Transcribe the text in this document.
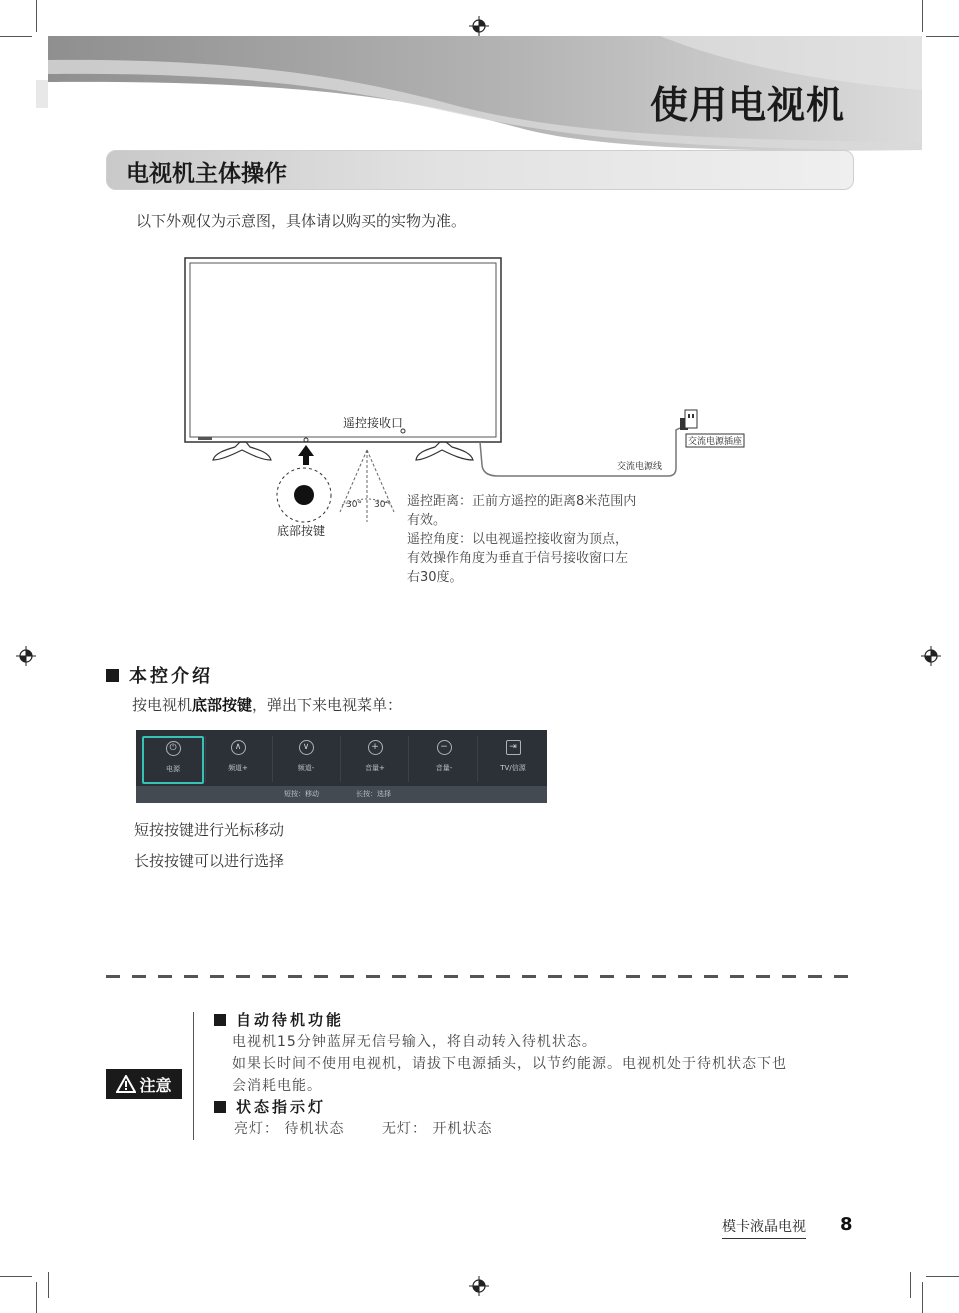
使用电视机
电视机主体操作
以下外观仅为示意图，具体请以购买的实物为准。
30° 30°
交流电源线
交流电源插座
遥控接收口
底部按键

遥控距离：正前方遥控的距离8米范围内有效。

遥控角度：以电视遥控接收窗为顶点，有效操作角度为垂直于信号接收窗口左右30度。

本控介绍
按电视机底部按键，弹出下来电视菜单：
⏻
电源
∧
频道+
∨
频道-
+
音量+
−
音量-
⇥
TV/信源
短按：移动	长按：选择
短按按键进行光标移动
长按按键可以进行选择
注意
自动待机功能
电视机15分钟蓝屏无信号输入，将自动转入待机状态。
如果长时间不使用电视机，请拔下电源插头，以节约能源。电视机处于待机状态下也
会消耗电能。
状态指示灯
亮灯： 待机状态	无灯： 开机状态
模卡液晶电视 8
